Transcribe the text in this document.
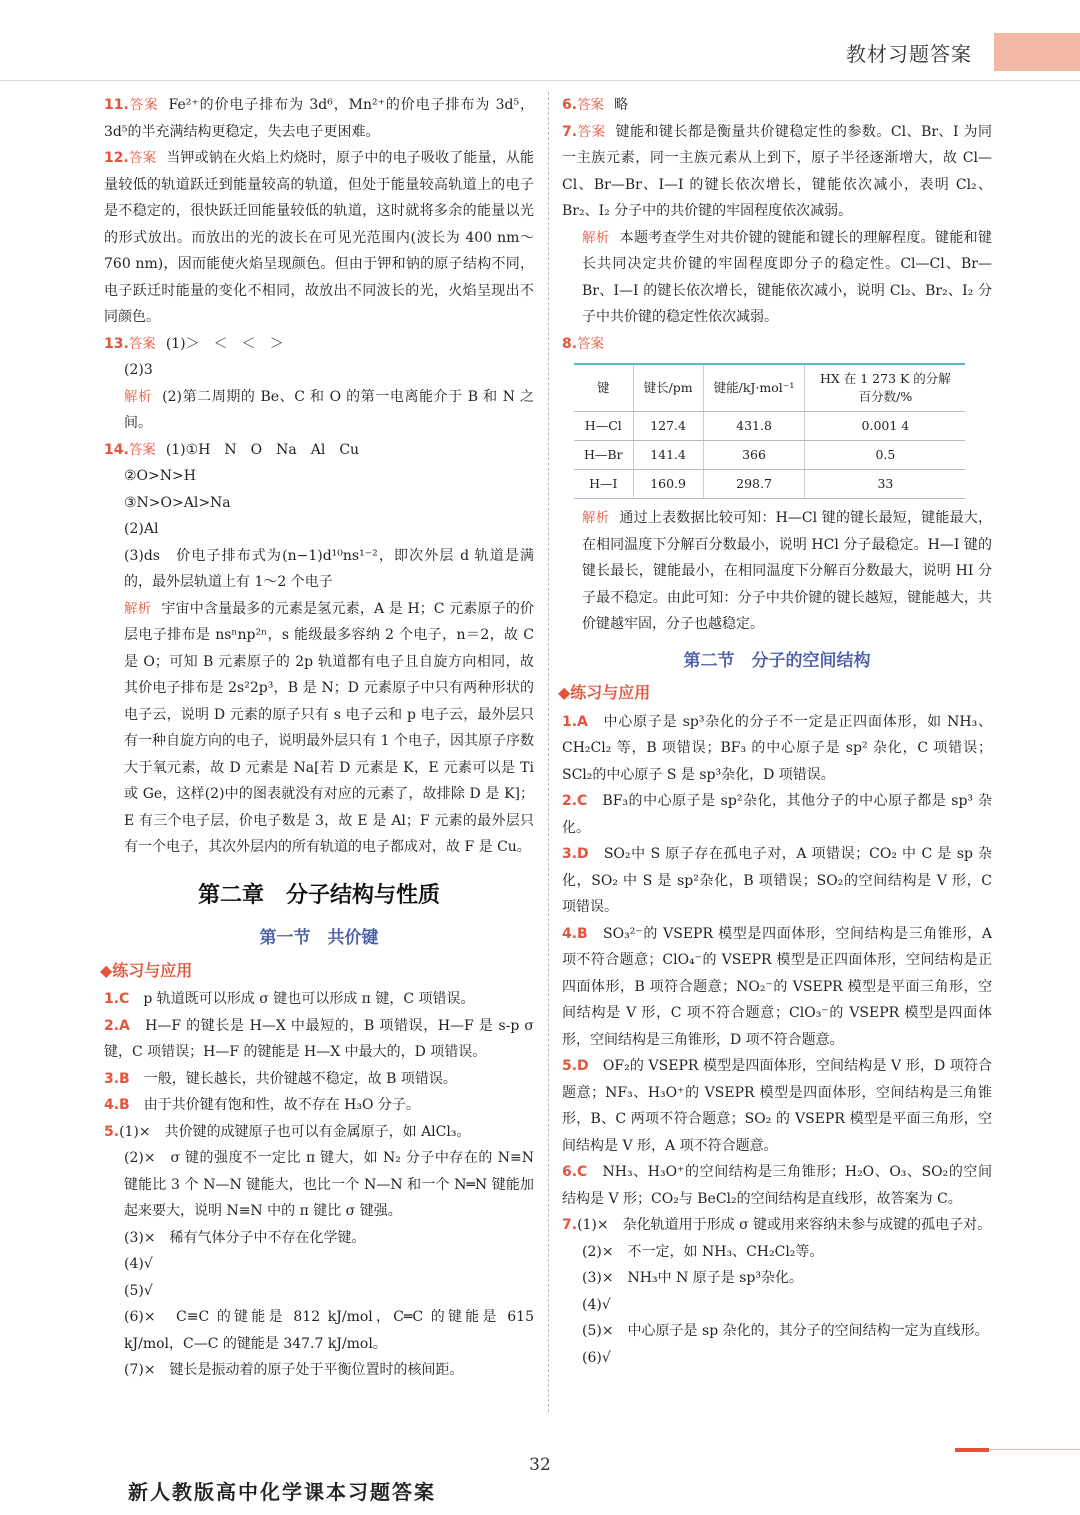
教材习题答案

11.答案 Fe²⁺的价电子排布为 3d⁶，Mn²⁺的价电子排布为 3d⁵，3d⁵的半充满结构更稳定，失去电子更困难。

12.答案 当钾或钠在火焰上灼烧时，原子中的电子吸收了能量，从能量较低的轨道跃迁到能量较高的轨道，但处于能量较高轨道上的电子是不稳定的，很快跃迁回能量较低的轨道，这时就将多余的能量以光的形式放出。而放出的光的波长在可见光范围内(波长为 400 nm～760 nm)，因而能使火焰呈现颜色。但由于钾和钠的原子结构不同，电子跃迁时能量的变化不相同，故放出不同波长的光，火焰呈现出不同颜色。

13.答案 (1)＞　＜　＜　＞

(2)3

解析 (2)第二周期的 Be、C 和 O 的第一电离能介于 B 和 N 之间。

14.答案 (1)①H　N　O　Na　Al　Cu

②O>N>H

③N>O>Al>Na

(2)Al

(3)ds　价电子排布式为(n−1)d¹⁰ns¹⁻²，即次外层 d 轨道是满的，最外层轨道上有 1～2 个电子

解析 宇宙中含量最多的元素是氢元素，A 是 H；C 元素原子的价层电子排布是 nsⁿnp²ⁿ，s 能级最多容纳 2 个电子，n＝2，故 C 是 O；可知 B 元素原子的 2p 轨道都有电子且自旋方向相同，故其价电子排布是 2s²2p³，B 是 N；D 元素原子中只有两种形状的电子云，说明 D 元素的原子只有 s 电子云和 p 电子云，最外层只有一种自旋方向的电子，说明最外层只有 1 个电子，因其原子序数大于氧元素，故 D 元素是 Na[若 D 元素是 K，E 元素可以是 Ti 或 Ge，这样(2)中的图表就没有对应的元素了，故排除 D 是 K]；E 有三个电子层，价电子数是 3，故 E 是 Al；F 元素的最外层只有一个电子，其次外层内的所有轨道的电子都成对，故 F 是 Cu。

第二章　分子结构与性质
第一节　共价键
◆练习与应用

1.C　 p 轨道既可以形成 σ 键也可以形成 π 键，C 项错误。

2.A　 H—F 的键长是 H—X 中最短的，B 项错误，H—F 是 s-p σ 键，C 项错误；H—F 的键能是 H—X 中最大的，D 项错误。

3.B　 一般，键长越长，共价键越不稳定，故 B 项错误。

4.B　 由于共价键有饱和性，故不存在 H₃O 分子。

5.(1)×　共价键的成键原子也可以有金属原子，如 AlCl₃。

(2)×　σ 键的强度不一定比 π 键大，如 N₂ 分子中存在的 N≡N 键能比 3 个 N—N 键能大，也比一个 N—N 和一个 N═N 键能加起来要大，说明 N≡N 中的 π 键比 σ 键强。

(3)×　稀有气体分子中不存在化学键。

(4)√

(5)√

(6)×　C≡C 的键能是 812 kJ/mol，C═C 的键能是 615 kJ/mol，C—C 的键能是 347.7 kJ/mol。

(7)×　键长是振动着的原子处于平衡位置时的核间距。

6.答案 略

7.答案 键能和键长都是衡量共价键稳定性的参数。Cl、Br、I 为同一主族元素，同一主族元素从上到下，原子半径逐渐增大，故 Cl—Cl、Br—Br、I—I 的键长依次增长，键能依次减小，表明 Cl₂、Br₂、I₂ 分子中的共价键的牢固程度依次减弱。

解析 本题考查学生对共价键的键能和键长的理解程度。键能和键长共同决定共价键的牢固程度即分子的稳定性。Cl—Cl、Br—Br、I—I 的键长依次增长，键能依次减小，说明 Cl₂、Br₂、I₂ 分子中共价键的稳定性依次减弱。

8.答案

键	键长/pm	键能/kJ·mol⁻¹	HX 在 1 273 K 的分解百分数/%
H—Cl	127.4	431.8	0.001 4
H—Br	141.4	366	0.5
H—I	160.9	298.7	33

解析 通过上表数据比较可知：H—Cl 键的键长最短，键能最大，在相同温度下分解百分数最小，说明 HCl 分子最稳定。H—I 键的键长最长，键能最小，在相同温度下分解百分数最大，说明 HI 分子最不稳定。由此可知：分子中共价键的键长越短，键能越大，共价键越牢固，分子也越稳定。

第二节　分子的空间结构
◆练习与应用

1.A　 中心原子是 sp³杂化的分子不一定是正四面体形，如 NH₃、CH₂Cl₂ 等，B 项错误；BF₃ 的中心原子是 sp² 杂化，C 项错误；SCl₂的中心原子 S 是 sp³杂化，D 项错误。

2.C　 BF₃的中心原子是 sp²杂化，其他分子的中心原子都是 sp³ 杂化。

3.D　 SO₂中 S 原子存在孤电子对，A 项错误；CO₂ 中 C 是 sp 杂化，SO₂ 中 S 是 sp²杂化，B 项错误；SO₂的空间结构是 V 形，C 项错误。

4.B　 SO₃²⁻的 VSEPR 模型是四面体形，空间结构是三角锥形，A 项不符合题意；ClO₄⁻的 VSEPR 模型是正四面体形，空间结构是正四面体形，B 项符合题意；NO₂⁻的 VSEPR 模型是平面三角形，空间结构是 V 形，C 项不符合题意；ClO₃⁻的 VSEPR 模型是四面体形，空间结构是三角锥形，D 项不符合题意。

5.D　 OF₂的 VSEPR 模型是四面体形，空间结构是 V 形，D 项符合题意；NF₃、H₃O⁺的 VSEPR 模型是四面体形，空间结构是三角锥形，B、C 两项不符合题意；SO₂ 的 VSEPR 模型是平面三角形，空间结构是 V 形，A 项不符合题意。

6.C　 NH₃、H₃O⁺的空间结构是三角锥形；H₂O、O₃、SO₂的空间结构是 V 形；CO₂与 BeCl₂的空间结构是直线形，故答案为 C。

7.(1)×　杂化轨道用于形成 σ 键或用来容纳未参与成键的孤电子对。

(2)×　不一定，如 NH₃、CH₂Cl₂等。

(3)×　NH₃中 N 原子是 sp³杂化。

(4)√

(5)×　中心原子是 sp 杂化的，其分子的空间结构一定为直线形。

(6)√

32
新人教版高中化学课本习题答案
